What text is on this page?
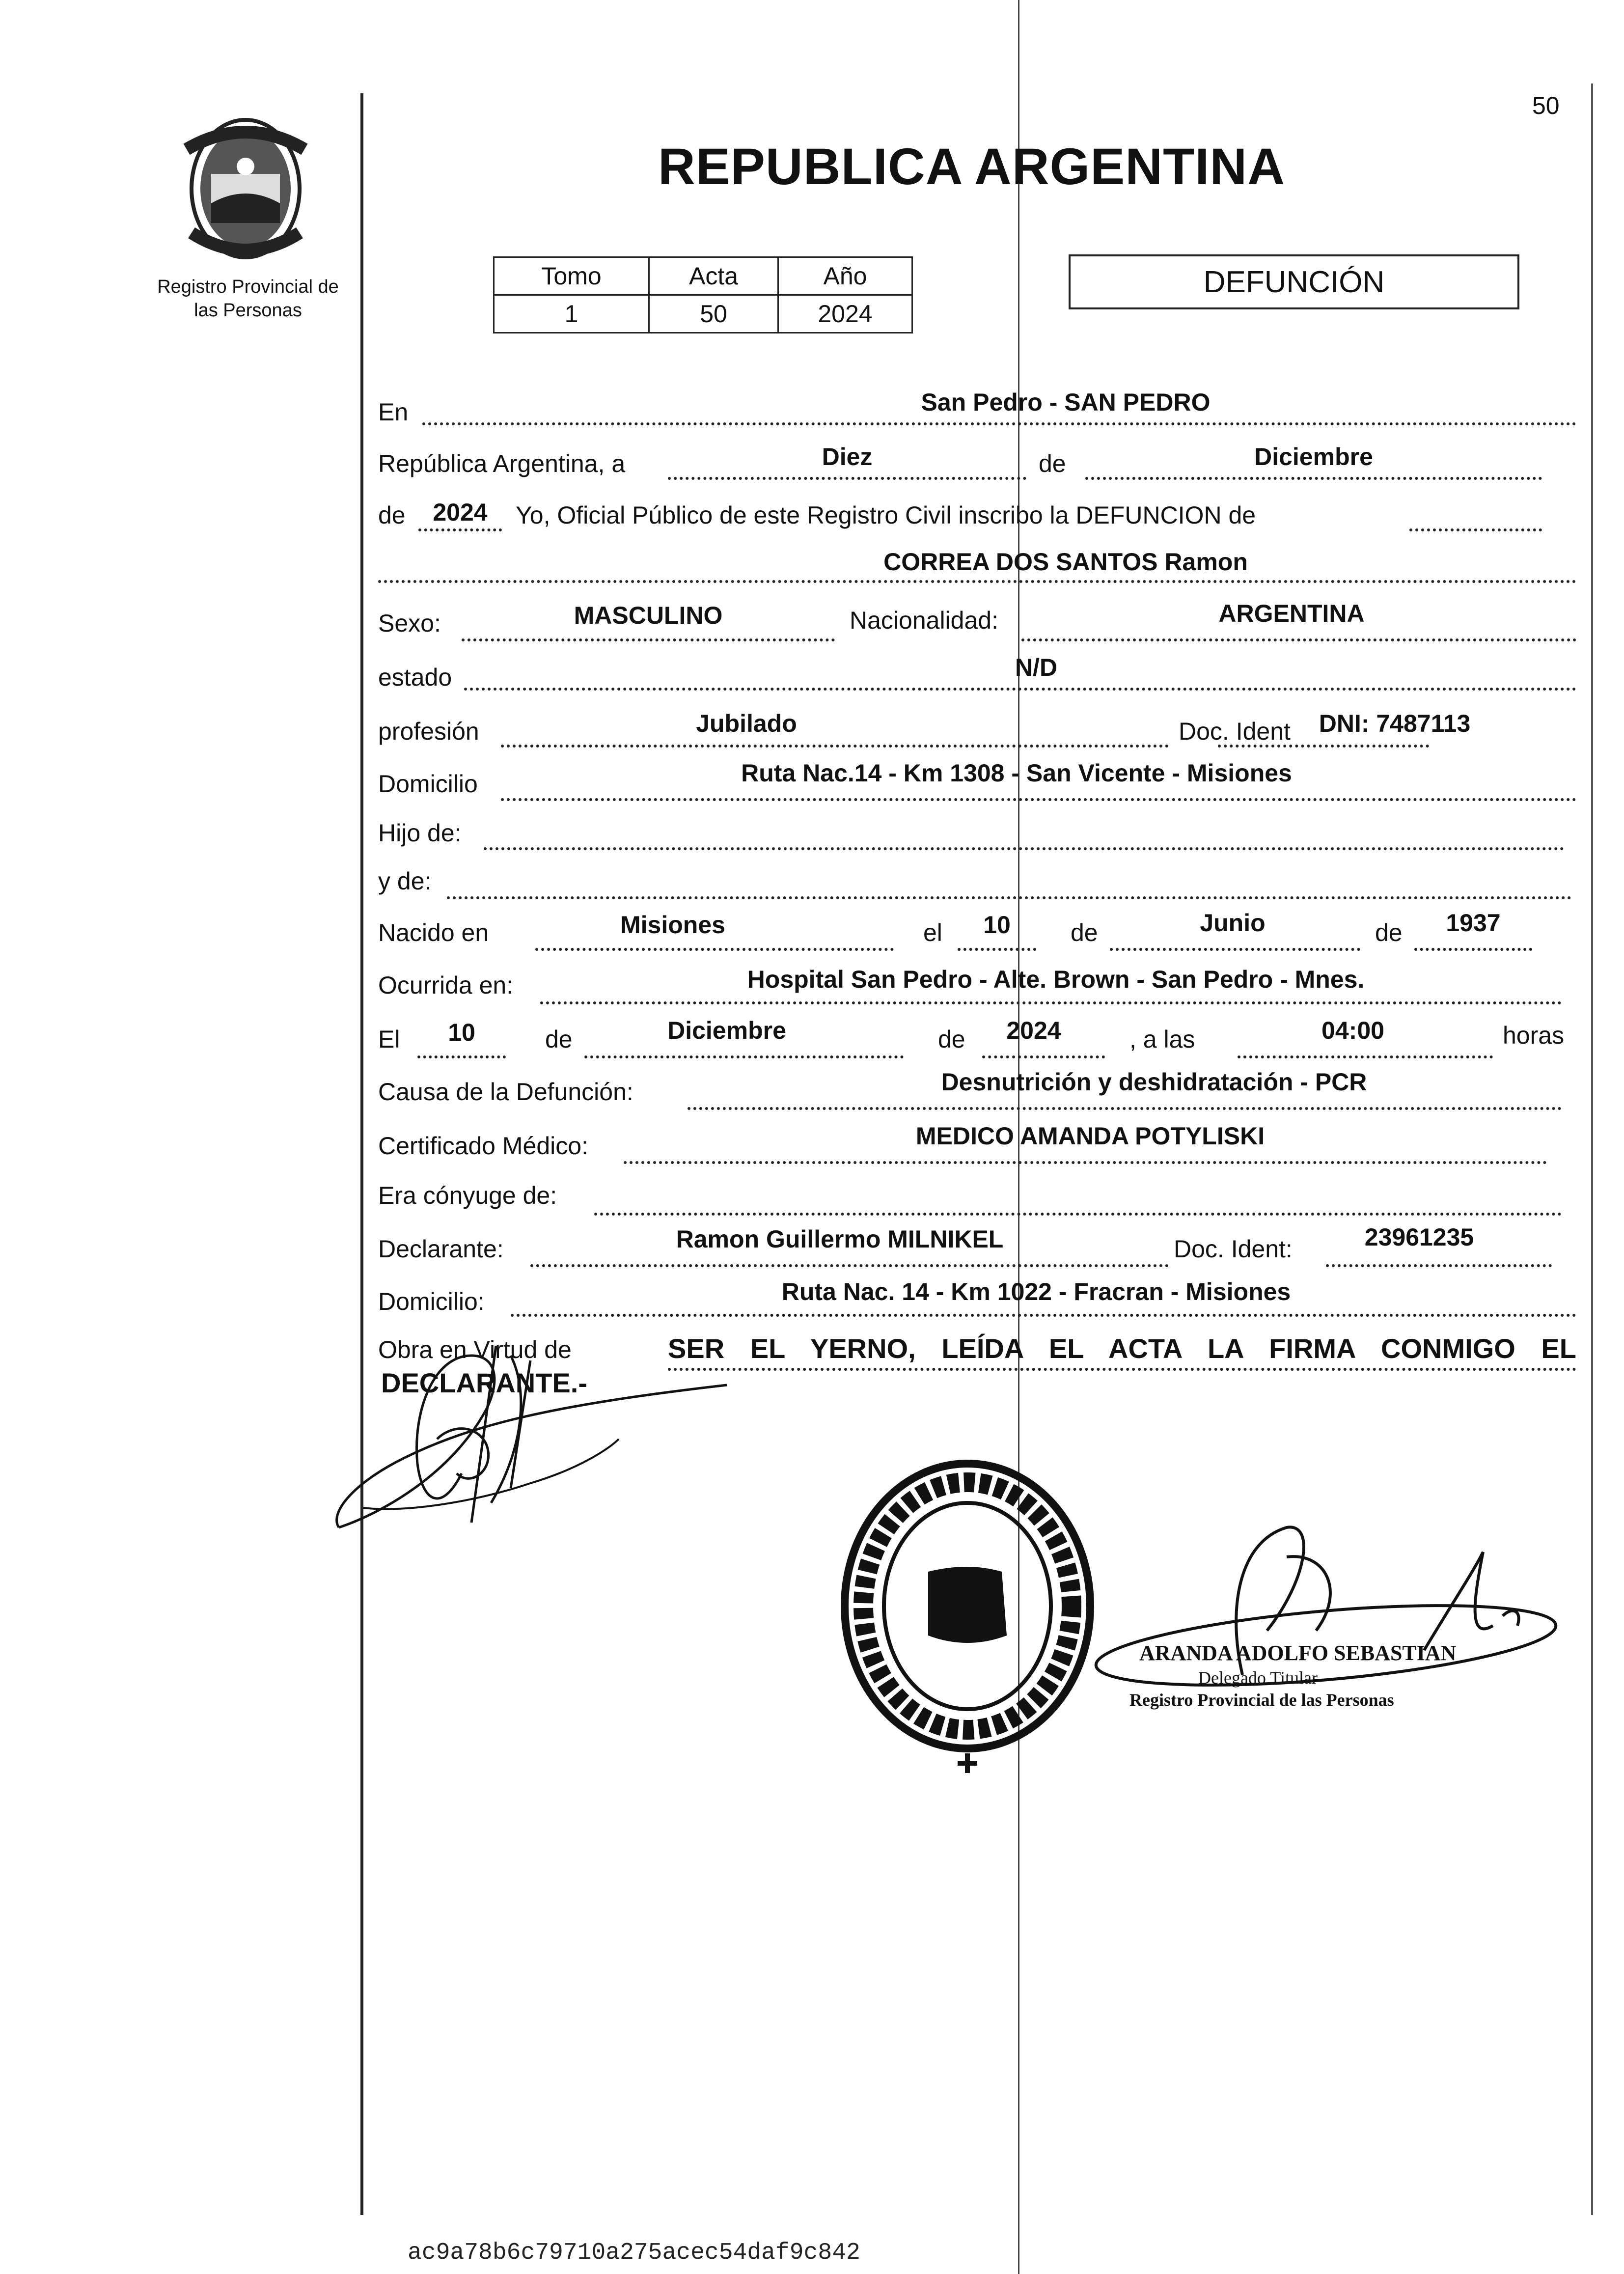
50
REPUBLICA ARGENTINA
Registro Provincial de
las Personas
Tomo	Acta	Año
1	50	2024
DEFUNCIÓN
En	San Pedro - SAN PEDRO
República Argentina, a	Diez	de	Diciembre
de	2024	Yo, Oficial Público de este Registro Civil inscribo la DEFUNCION de
CORREA DOS SANTOS Ramon
Sexo:	MASCULINO	Nacionalidad:	ARGENTINA
estado	N/D
profesión	Jubilado	Doc. Ident	DNI: 7487113
Domicilio	Ruta Nac.14 - Km 1308 - San Vicente - Misiones
Hijo de:
y de:
Nacido en	Misiones	el	10	de	Junio	de	1937
Ocurrida en:	Hospital San Pedro - Alte. Brown - San Pedro - Mnes.
El	10	de	Diciembre	de	2024	, a las	04:00	horas
Causa de la Defunción:	Desnutrición y deshidratación - PCR
Certificado Médico:	MEDICO AMANDA POTYLISKI
Era cónyuge de:
Declarante:	Ramon Guillermo MILNIKEL	Doc. Ident:	23961235
Domicilio:	Ruta Nac. 14 - Km 1022 - Fracran - Misiones
Obra en Virtud de	SER EL YERNO, LEÍDA EL ACTA LA FIRMA CONMIGO EL
DECLARANTE.-
ARANDA ADOLFO SEBASTIAN
Delegado Titular
Registro Provincial de las Personas
ac9a78b6c79710a275acec54daf9c842
